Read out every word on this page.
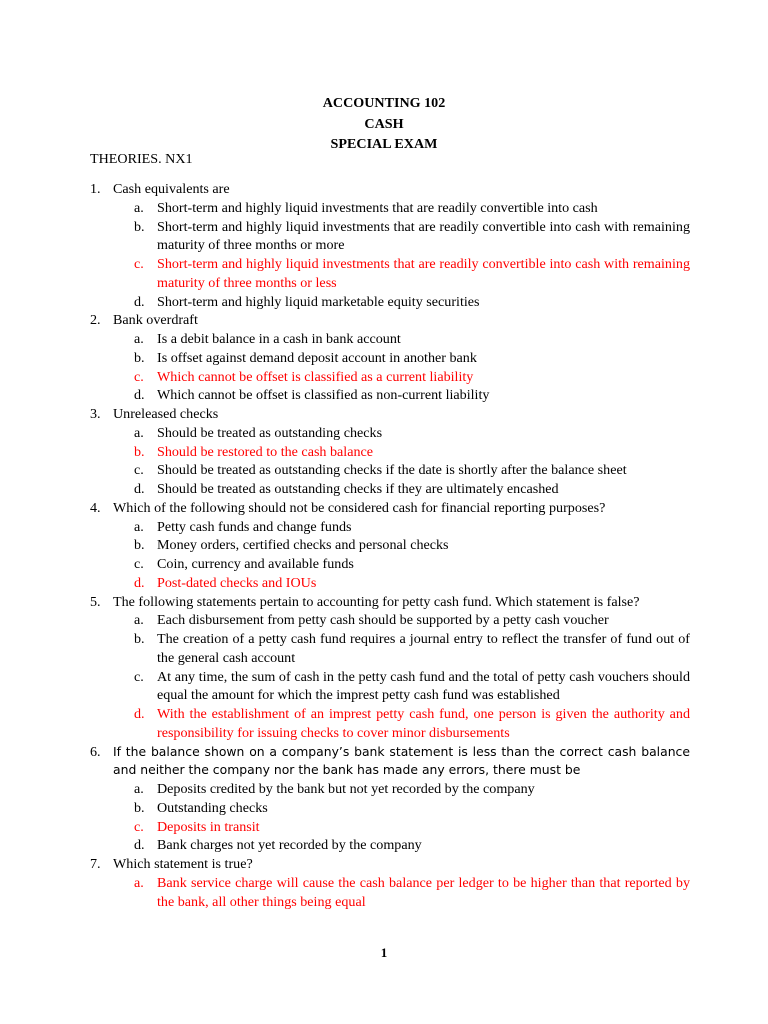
ACCOUNTING 102
CASH
SPECIAL EXAM
THEORIES. NX1
1. Cash equivalents are
a. Short-term and highly liquid investments that are readily convertible into cash
b. Short-term and highly liquid investments that are readily convertible into cash with remaining maturity of three months or more
c. Short-term and highly liquid investments that are readily convertible into cash with remaining maturity of three months or less
d. Short-term and highly liquid marketable equity securities
2. Bank overdraft
a. Is a debit balance in a cash in bank account
b. Is offset against demand deposit account in another bank
c. Which cannot be offset is classified as a current liability
d. Which cannot be offset is classified as non-current liability
3. Unreleased checks
a. Should be treated as outstanding checks
b. Should be restored to the cash balance
c. Should be treated as outstanding checks if the date is shortly after the balance sheet
d. Should be treated as outstanding checks if they are ultimately encashed
4. Which of the following should not be considered cash for financial reporting purposes?
a. Petty cash funds and change funds
b. Money orders, certified checks and personal checks
c. Coin, currency and available funds
d. Post-dated checks and IOUs
5. The following statements pertain to accounting for petty cash fund. Which statement is false?
a. Each disbursement from petty cash should be supported by a petty cash voucher
b. The creation of a petty cash fund requires a journal entry to reflect the transfer of fund out of the general cash account
c. At any time, the sum of cash in the petty cash fund and the total of petty cash vouchers should equal the amount for which the imprest petty cash fund was established
d. With the establishment of an imprest petty cash fund, one person is given the authority and responsibility for issuing checks to cover minor disbursements
6.	If the balance shown on a company’s bank statement is less than the correct cash balance and neither the company nor the bank has made any errors, there must be
a. Deposits credited by the bank but not yet recorded by the company
b. Outstanding checks
c. Deposits in transit
d. Bank charges not yet recorded by the company
7. Which statement is true?
a. Bank service charge will cause the cash balance per ledger to be higher than that reported by the bank, all other things being equal
1
